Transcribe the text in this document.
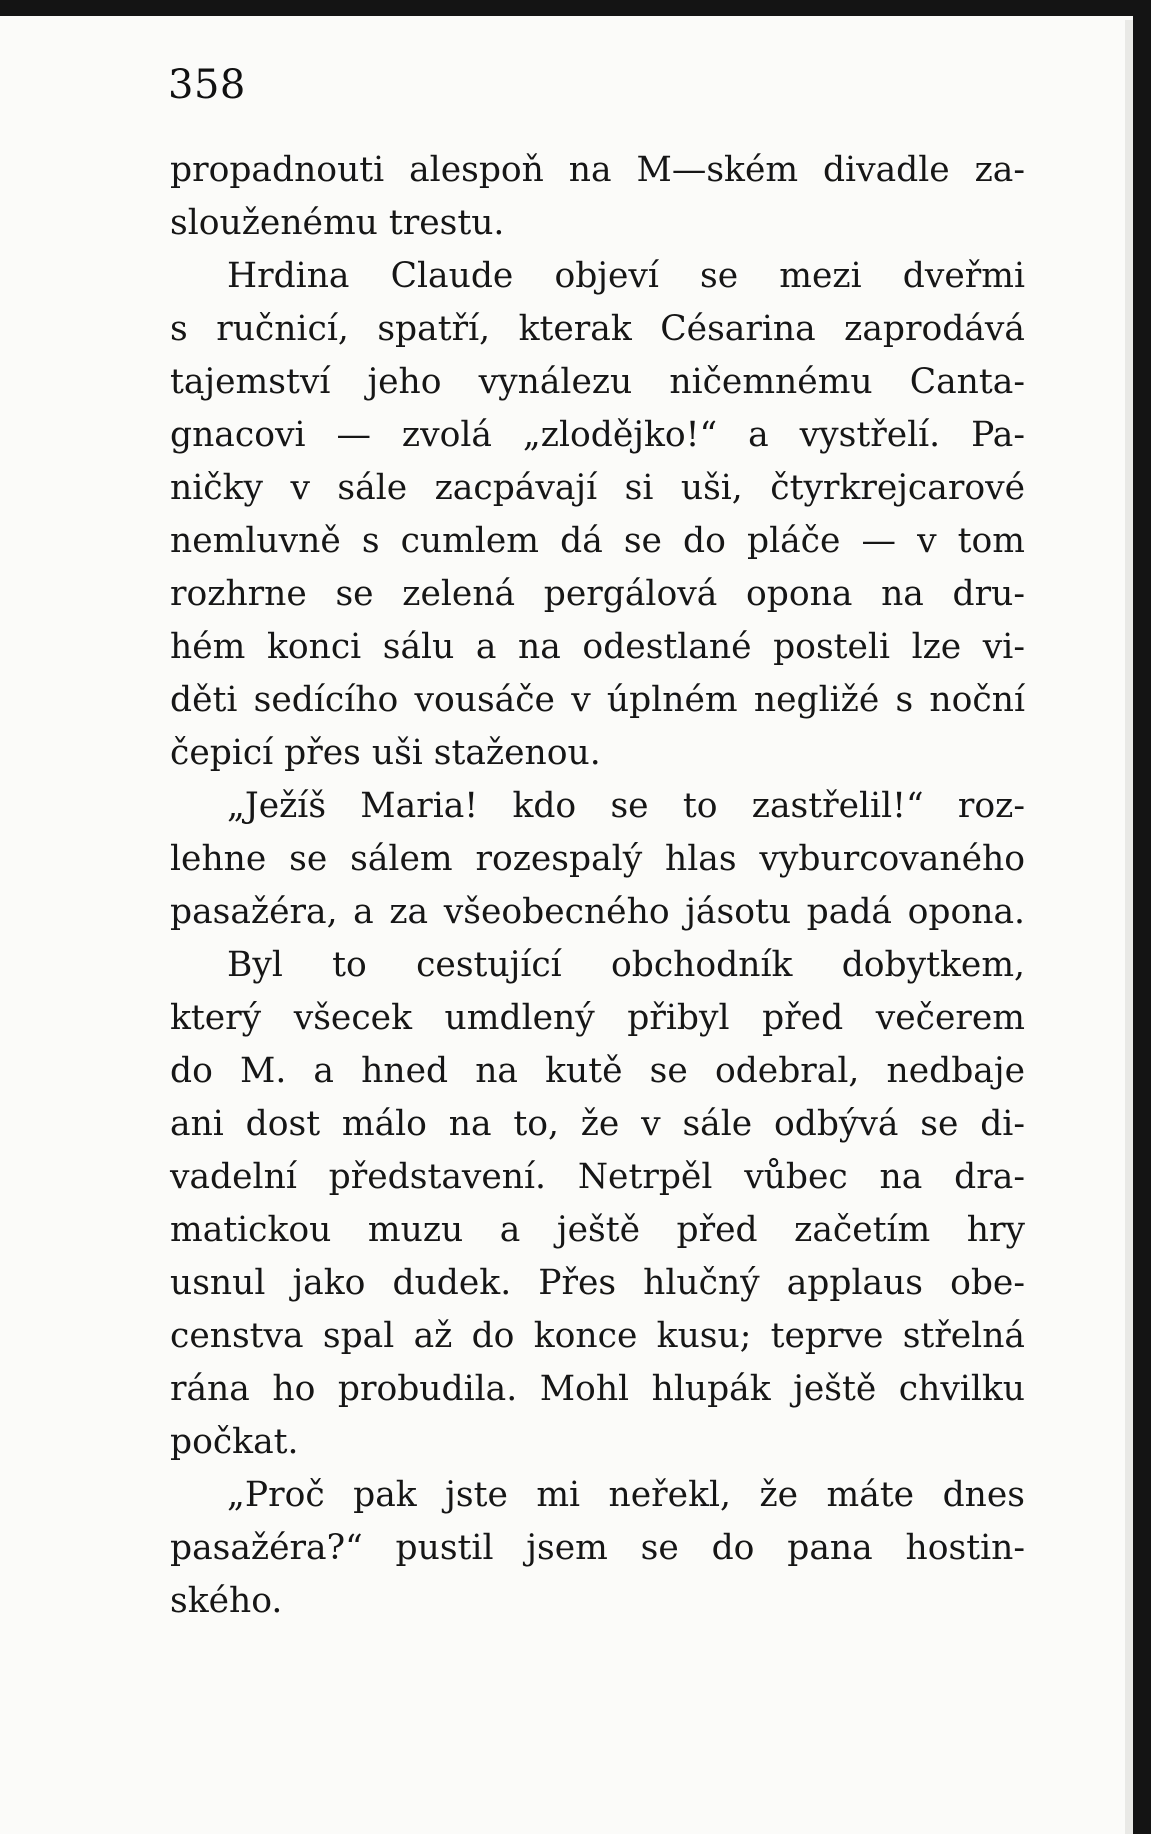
358
propadnouti alespoň na M—ském divadle za-
slouženému trestu.
Hrdina Claude objeví se mezi dveřmi
s ručnicí, spatří, kterak Césarina zaprodává
tajemství jeho vynálezu ničemnému Canta-
gnacovi — zvolá „zlodějko!“ a vystřelí. Pa-
ničky v sále zacpávají si uši, čtyrkrejcarové
nemluvně s cumlem dá se do pláče — v tom
rozhrne se zelená pergálová opona na dru-
hém konci sálu a na odestlané posteli lze vi-
děti sedícího vousáče v úplném negližé s noční
čepicí přes uši staženou.
„Ježíš Maria! kdo se to zastřelil!“ roz-
lehne se sálem rozespalý hlas vyburcovaného
pasažéra, a za všeobecného jásotu padá opona.
Byl to cestující obchodník dobytkem,
který všecek umdlený přibyl před večerem
do M. a hned na kutě se odebral, nedbaje
ani dost málo na to, že v sále odbývá se di-
vadelní představení. Netrpěl vůbec na dra-
matickou muzu a ještě před začetím hry
usnul jako dudek. Přes hlučný applaus obe-
censtva spal až do konce kusu; teprve střelná
rána ho probudila. Mohl hlupák ještě chvilku
počkat.
„Proč pak jste mi neřekl, že máte dnes
pasažéra?“ pustil jsem se do pana hostin-
ského.
